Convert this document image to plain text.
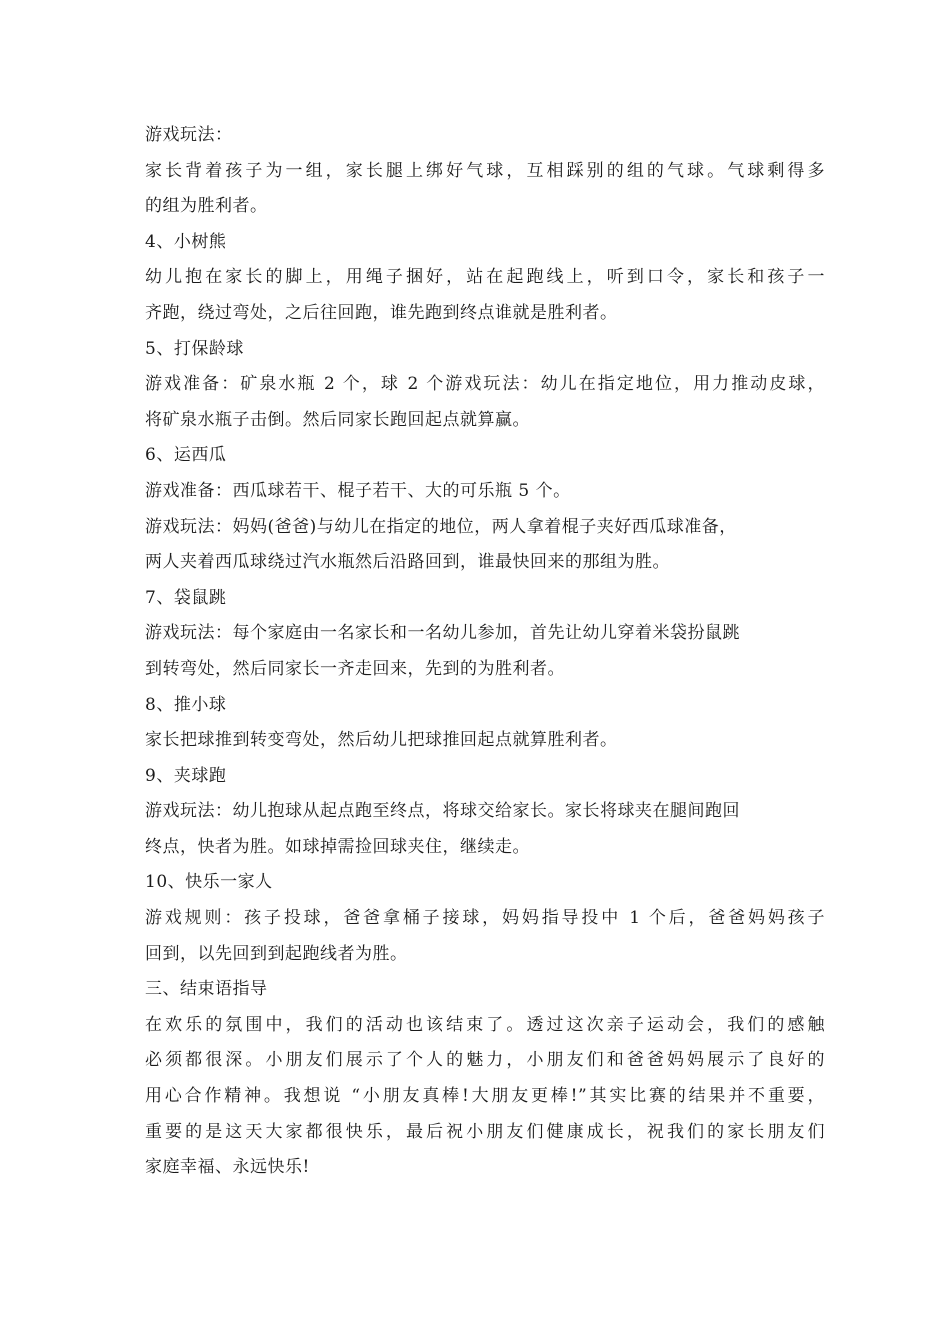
游戏玩法：
家长背着孩子为一组，家长腿上绑好气球，互相踩别的组的气球。气球剩得多
的组为胜利者。
4、小树熊
幼儿抱在家长的脚上，用绳子捆好，站在起跑线上，听到口令，家长和孩子一
齐跑，绕过弯处，之后往回跑，谁先跑到终点谁就是胜利者。
5、打保龄球
游戏准备：矿泉水瓶 2 个，球 2 个游戏玩法：幼儿在指定地位，用力推动皮球，
将矿泉水瓶子击倒。然后同家长跑回起点就算赢。
6、运西瓜
游戏准备：西瓜球若干、棍子若干、大的可乐瓶 5 个。
游戏玩法：妈妈(爸爸)与幼儿在指定的地位，两人拿着棍子夹好西瓜球准备，
两人夹着西瓜球绕过汽水瓶然后沿路回到，谁最快回来的那组为胜。
7、袋鼠跳
游戏玩法：每个家庭由一名家长和一名幼儿参加，首先让幼儿穿着米袋扮鼠跳
到转弯处，然后同家长一齐走回来，先到的为胜利者。
8、推小球
家长把球推到转变弯处，然后幼儿把球推回起点就算胜利者。
9、夹球跑
游戏玩法：幼儿抱球从起点跑至终点，将球交给家长。家长将球夹在腿间跑回
终点，快者为胜。如球掉需捡回球夹住，继续走。
10、快乐一家人
游戏规则：孩子投球，爸爸拿桶子接球，妈妈指导投中 1 个后，爸爸妈妈孩子
回到，以先回到到起跑线者为胜。
三、结束语指导
在欢乐的氛围中，我们的活动也该结束了。透过这次亲子运动会，我们的感触
必须都很深。小朋友们展示了个人的魅力，小朋友们和爸爸妈妈展示了良好的
用心合作精神。我想说 “小朋友真棒!大朋友更棒!”其实比赛的结果并不重要，
重要的是这天大家都很快乐，最后祝小朋友们健康成长，祝我们的家长朋友们
家庭幸福、永远快乐!
